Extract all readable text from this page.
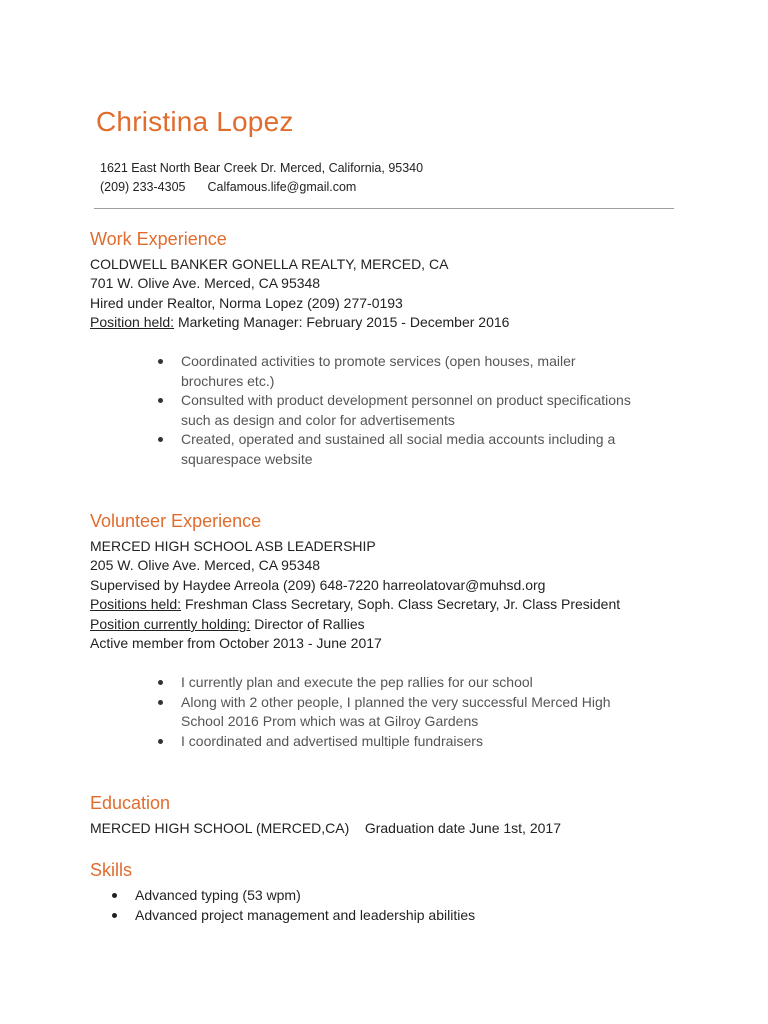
Christina Lopez
1621 East North Bear Creek Dr. Merced, California, 95340
(209) 233-4305 Calfamous.life@gmail.com
Work Experience
COLDWELL BANKER GONELLA REALTY, MERCED, CA
701 W. Olive Ave. Merced, CA 95348
Hired under Realtor, Norma Lopez (209) 277-0193
Position held: Marketing Manager: February 2015 - December 2016
Coordinated activities to promote services (open houses, mailer brochures etc.)
Consulted with product development personnel on product specifications such as design and color for advertisements
Created, operated and sustained all social media accounts including a squarespace website
Volunteer Experience
MERCED HIGH SCHOOL ASB LEADERSHIP
205 W. Olive Ave. Merced, CA 95348
Supervised by Haydee Arreola (209) 648-7220 harreolatovar@muhsd.org
Positions held: Freshman Class Secretary, Soph. Class Secretary, Jr. Class President
Position currently holding: Director of Rallies
Active member from October 2013 - June 2017
I currently plan and execute the pep rallies for our school
Along with 2 other people, I planned the very successful Merced High School 2016 Prom which was at Gilroy Gardens
I coordinated and advertised multiple fundraisers
Education
MERCED HIGH SCHOOL (MERCED,CA)    Graduation date June 1st, 2017
Skills
Advanced typing (53 wpm)
Advanced project management and leadership abilities
